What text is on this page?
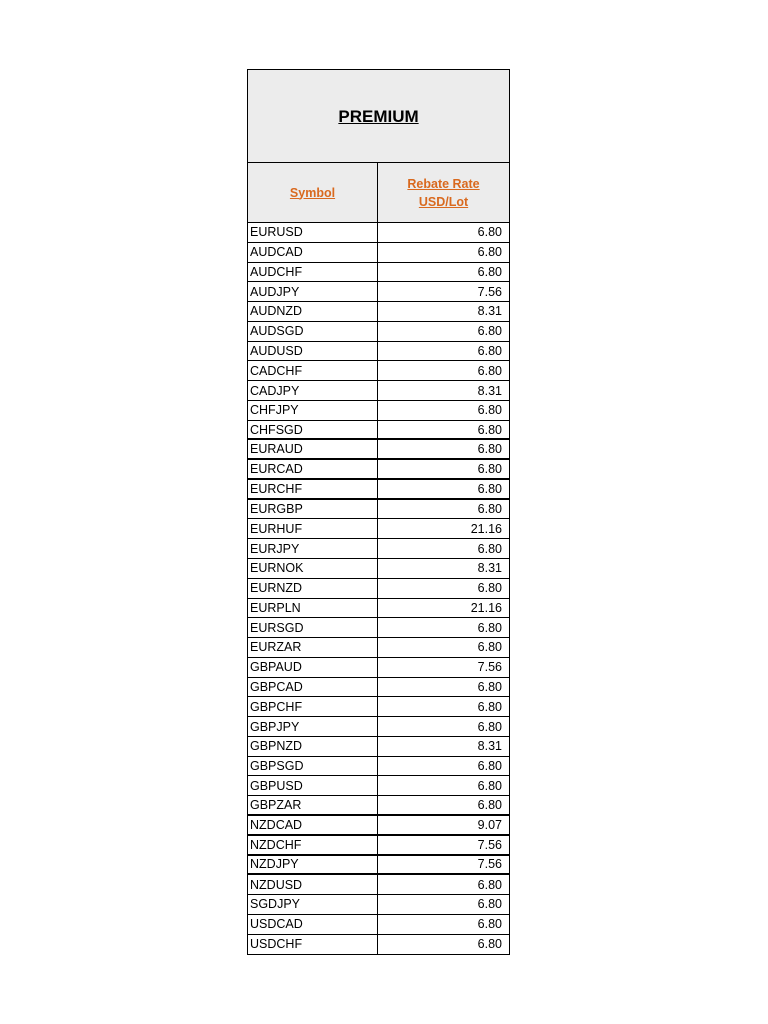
PREMIUM
Symbol
Rebate Rate
USD/Lot
EURUSD	6.80
AUDCAD	6.80
AUDCHF	6.80
AUDJPY	7.56
AUDNZD	8.31
AUDSGD	6.80
AUDUSD	6.80
CADCHF	6.80
CADJPY	8.31
CHFJPY	6.80
CHFSGD	6.80
EURAUD	6.80
EURCAD	6.80
EURCHF	6.80
EURGBP	6.80
EURHUF	21.16
EURJPY	6.80
EURNOK	8.31
EURNZD	6.80
EURPLN	21.16
EURSGD	6.80
EURZAR	6.80
GBPAUD	7.56
GBPCAD	6.80
GBPCHF	6.80
GBPJPY	6.80
GBPNZD	8.31
GBPSGD	6.80
GBPUSD	6.80
GBPZAR	6.80
NZDCAD	9.07
NZDCHF	7.56
NZDJPY	7.56
NZDUSD	6.80
SGDJPY	6.80
USDCAD	6.80
USDCHF	6.80
